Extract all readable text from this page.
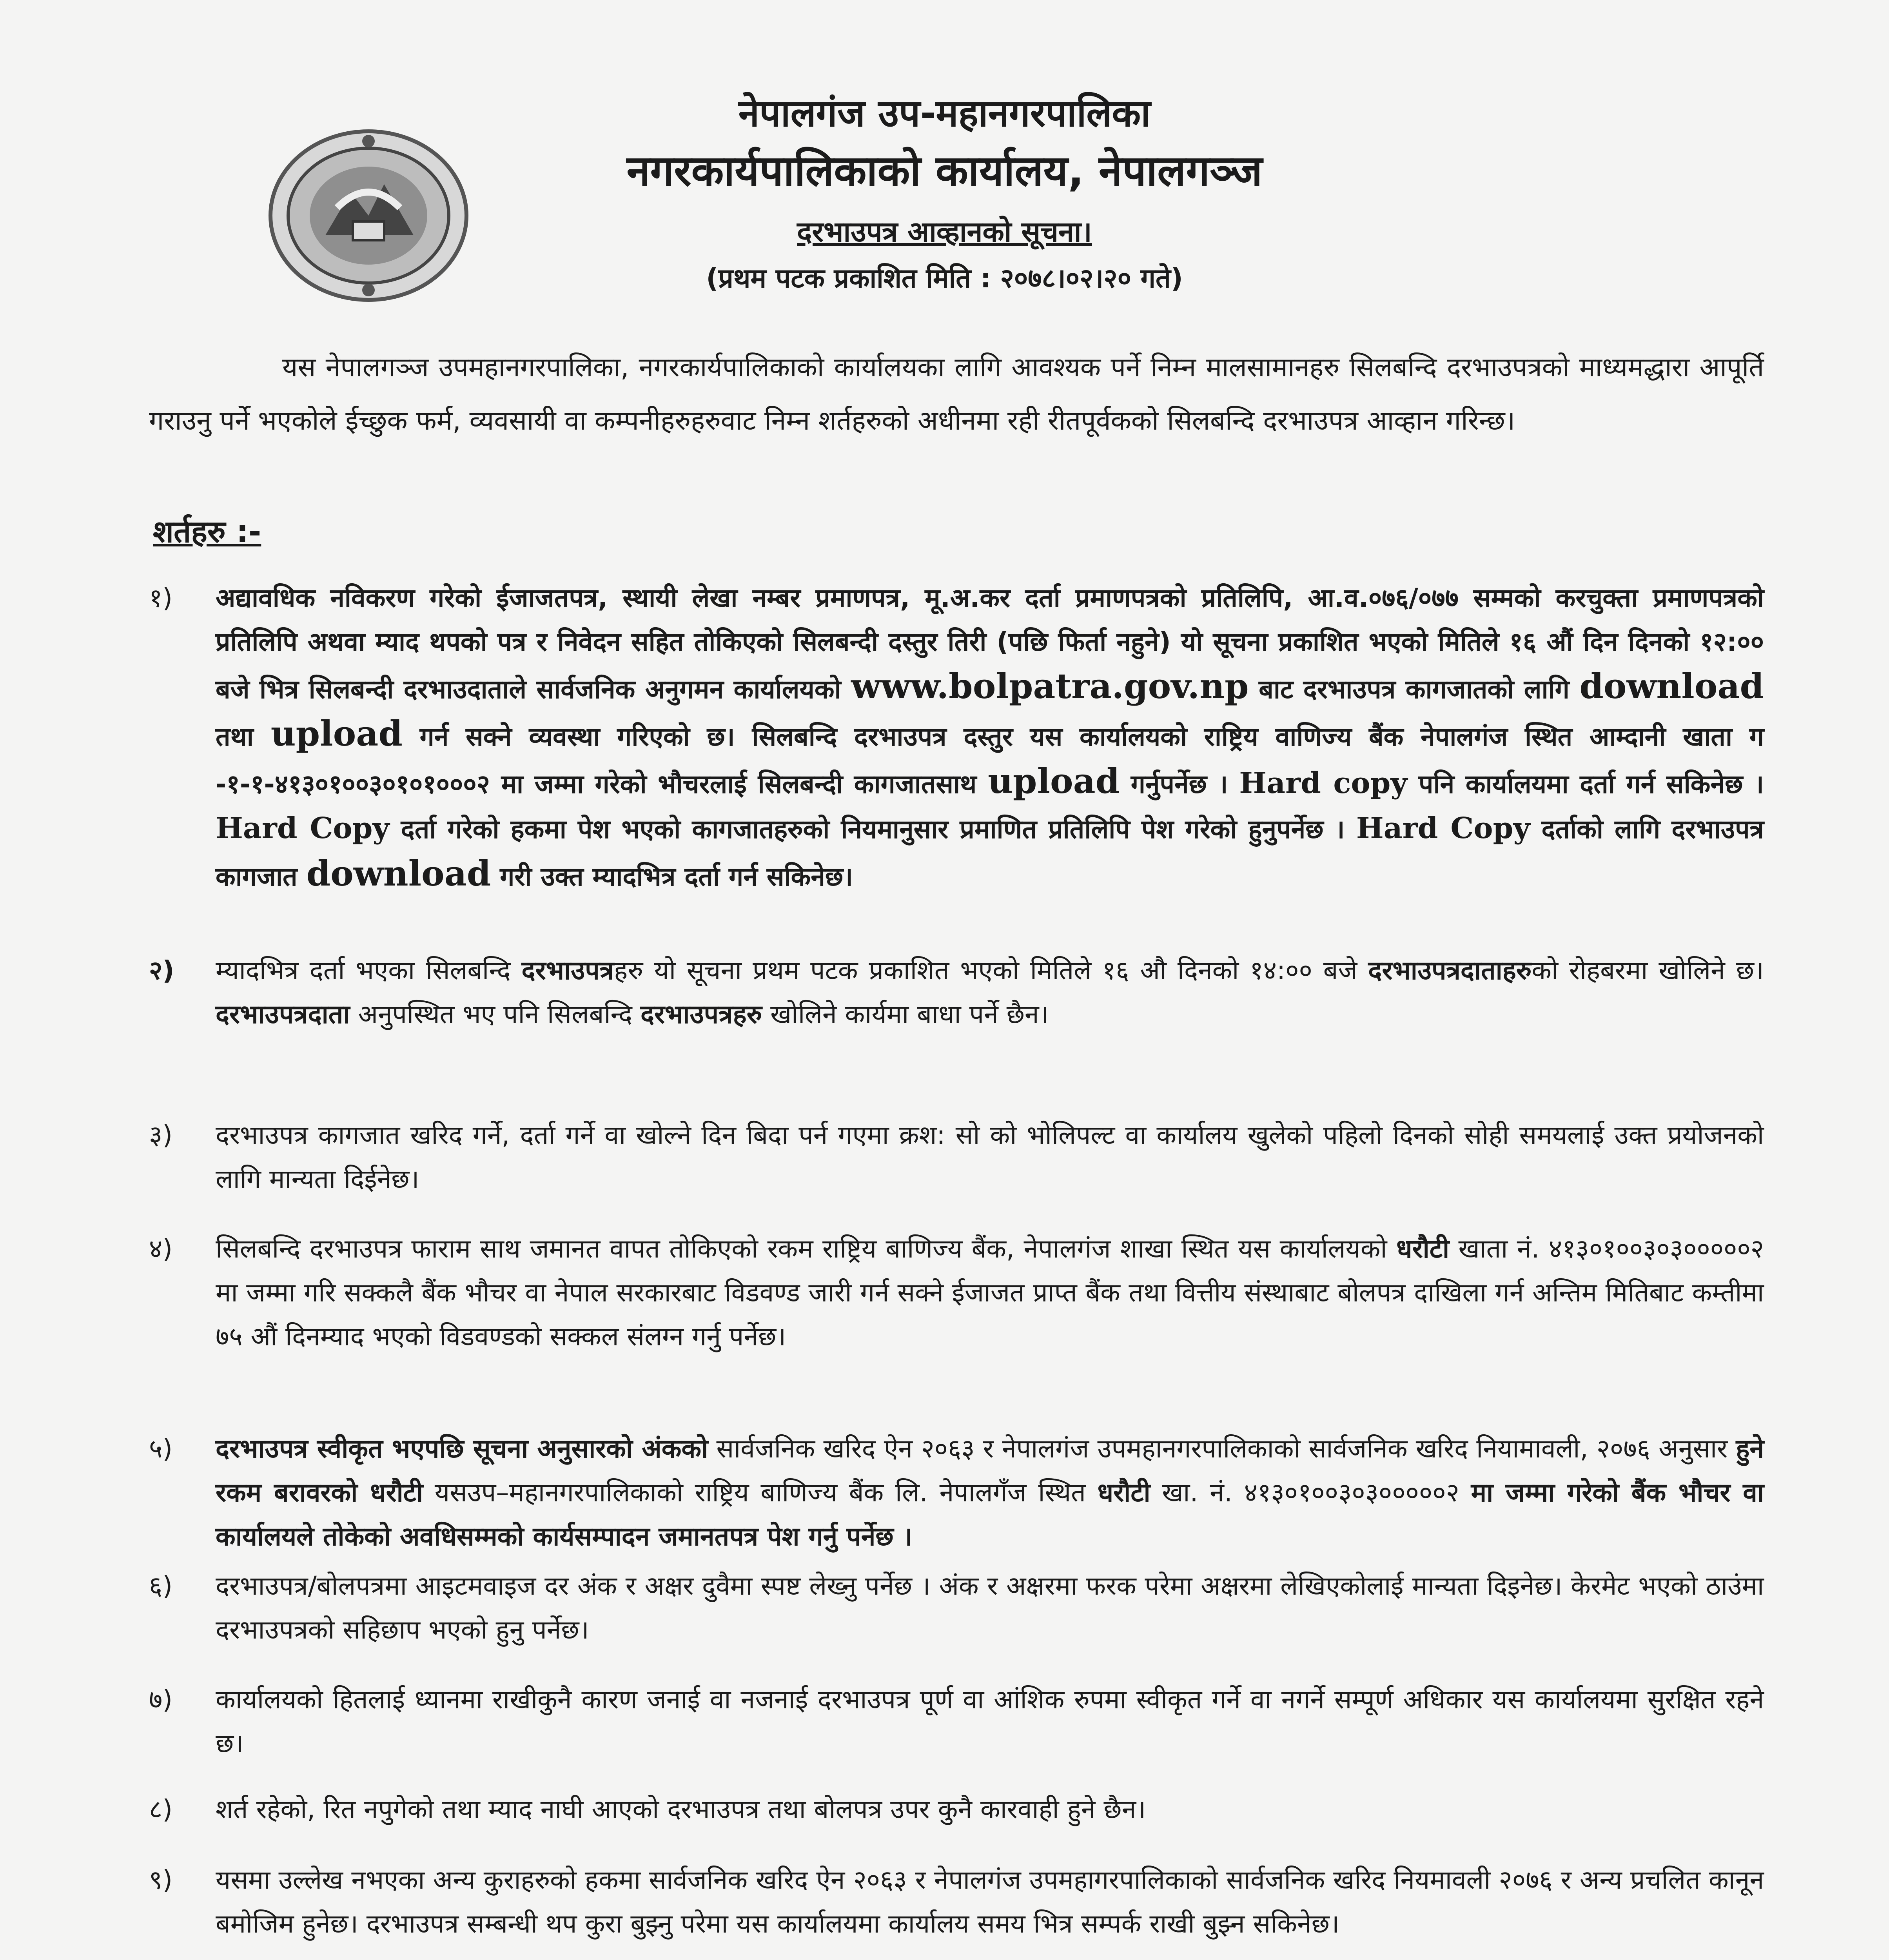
नेपालगंज उप-महानगरपालिका
नगरकार्यपालिकाको कार्यालय, नेपालगञ्ज
दरभाउपत्र आव्हानको सूचना।
(प्रथम पटक प्रकाशित मिति : २०७८।०२।२० गते)
यस नेपालगञ्ज उपमहानगरपालिका, नगरकार्यपालिकाको कार्यालयका लागि आवश्यक पर्ने निम्न मालसामानहरु सिलबन्दि दरभाउपत्रको माध्यमद्धारा आपूर्ति गराउनु पर्ने भएकोले ईच्छुक फर्म, व्यवसायी वा कम्पनीहरुहरुवाट निम्न शर्तहरुको अधीनमा रही रीतपूर्वकको सिलबन्दि दरभाउपत्र आव्हान गरिन्छ।
शर्तहरु :-
१)	अद्यावधिक नविकरण गरेको ईजाजतपत्र, स्थायी लेखा नम्बर प्रमाणपत्र, मू.अ.कर दर्ता प्रमाणपत्रको प्रतिलिपि, आ.व.०७६/०७७ सम्मको करचुक्ता प्रमाणपत्रको प्रतिलिपि अथवा म्याद थपको पत्र र निवेदन सहित तोकिएको सिलबन्दी दस्तुर तिरी (पछि फिर्ता नहुने) यो सूचना प्रकाशित भएको मितिले १६ औं दिन दिनको १२:०० बजे भित्र सिलबन्दी दरभाउदाताले सार्वजनिक अनुगमन कार्यालयको www.bolpatra.gov.np बाट दरभाउपत्र कागजातको लागि download तथा upload गर्न सक्ने व्यवस्था गरिएको छ। सिलबन्दि दरभाउपत्र दस्तुर यस कार्यालयको राष्ट्रिय वाणिज्य बैंक नेपालगंज स्थित आम्दानी खाता ग -१-१-४१३०१००३०१०१०००२ मा जम्मा गरेको भौचरलाई सिलबन्दी कागजातसाथ upload गर्नुपर्नेछ । Hard copy पनि कार्यालयमा दर्ता गर्न सकिनेछ । Hard Copy दर्ता गरेको हकमा पेश भएको कागजातहरुको नियमानुसार प्रमाणित प्रतिलिपि पेश गरेको हुनुपर्नेछ । Hard Copy दर्ताको लागि दरभाउपत्र कागजात download गरी उक्त म्यादभित्र दर्ता गर्न सकिनेछ।
२)	म्यादभित्र दर्ता भएका सिलबन्दि दरभाउपत्रहरु यो सूचना प्रथम पटक प्रकाशित भएको मितिले १६ औ दिनको १४:०० बजे दरभाउपत्रदाताहरुको रोहबरमा खोलिने छ। दरभाउपत्रदाता अनुपस्थित भए पनि सिलबन्दि दरभाउपत्रहरु खोलिने कार्यमा बाधा पर्ने छैन।
३)	दरभाउपत्र कागजात खरिद गर्ने, दर्ता गर्ने वा खोल्ने दिन बिदा पर्न गएमा क्रश: सो को भोलिपल्ट वा कार्यालय खुलेको पहिलो दिनको सोही समयलाई उक्त प्रयोजनको लागि मान्यता दिईनेछ।
४)	सिलबन्दि दरभाउपत्र फाराम साथ जमानत वापत तोकिएको रकम राष्ट्रिय बाणिज्य बैंक, नेपालगंज शाखा स्थित यस कार्यालयको धरौटी खाता नं. ४१३०१००३०३०००००२ मा जम्मा गरि सक्कलै बैंक भौचर वा नेपाल सरकारबाट विडवण्ड जारी गर्न सक्ने ईजाजत प्राप्त बैंक तथा वित्तीय संस्थाबाट बोलपत्र दाखिला गर्न अन्तिम मितिबाट कम्तीमा ७५ औं दिनम्याद भएको विडवण्डको सक्कल संलग्न गर्नु पर्नेछ।
५)	दरभाउपत्र स्वीकृत भएपछि सूचना अनुसारको अंकको सार्वजनिक खरिद ऐन २०६३ र नेपालगंज उपमहानगरपालिकाको सार्वजनिक खरिद नियामावली, २०७६ अनुसार हुने रकम बरावरको धरौटी यसउप–महानगरपालिकाको राष्ट्रिय बाणिज्य बैंक लि. नेपालगँज स्थित धरौटी खा. नं. ४१३०१००३०३०००००२ मा जम्मा गरेको बैंक भौचर वा कार्यालयले तोकेको अवधिसम्मको कार्यसम्पादन जमानतपत्र पेश गर्नु पर्नेछ ।
६)	दरभाउपत्र/बोलपत्रमा आइटमवाइज दर अंक र अक्षर दुवैमा स्पष्ट लेख्नु पर्नेछ । अंक र अक्षरमा फरक परेमा अक्षरमा लेखिएकोलाई मान्यता दिइनेछ। केरमेट भएको ठाउंमा दरभाउपत्रको सहिछाप भएको हुनु पर्नेछ।
७)	कार्यालयको हितलाई ध्यानमा राखीकुनै कारण जनाई वा नजनाई दरभाउपत्र पूर्ण वा आंशिक रुपमा स्वीकृत गर्ने वा नगर्ने सम्पूर्ण अधिकार यस कार्यालयमा सुरक्षित रहने छ।
८)	शर्त रहेको, रित नपुगेको तथा म्याद नाघी आएको दरभाउपत्र तथा बोलपत्र उपर कुनै कारवाही हुने छैन।
९)	यसमा उल्लेख नभएका अन्य कुराहरुको हकमा सार्वजनिक खरिद ऐन २०६३ र नेपालगंज उपमहागरपालिकाको सार्वजनिक खरिद नियमावली २०७६ र अन्य प्रचलित कानून बमोजिम हुनेछ। दरभाउपत्र सम्बन्धी थप कुरा बुझ्नु परेमा यस कार्यालयमा कार्यालय समय भित्र सम्पर्क राखी बुझ्न सकिनेछ।
